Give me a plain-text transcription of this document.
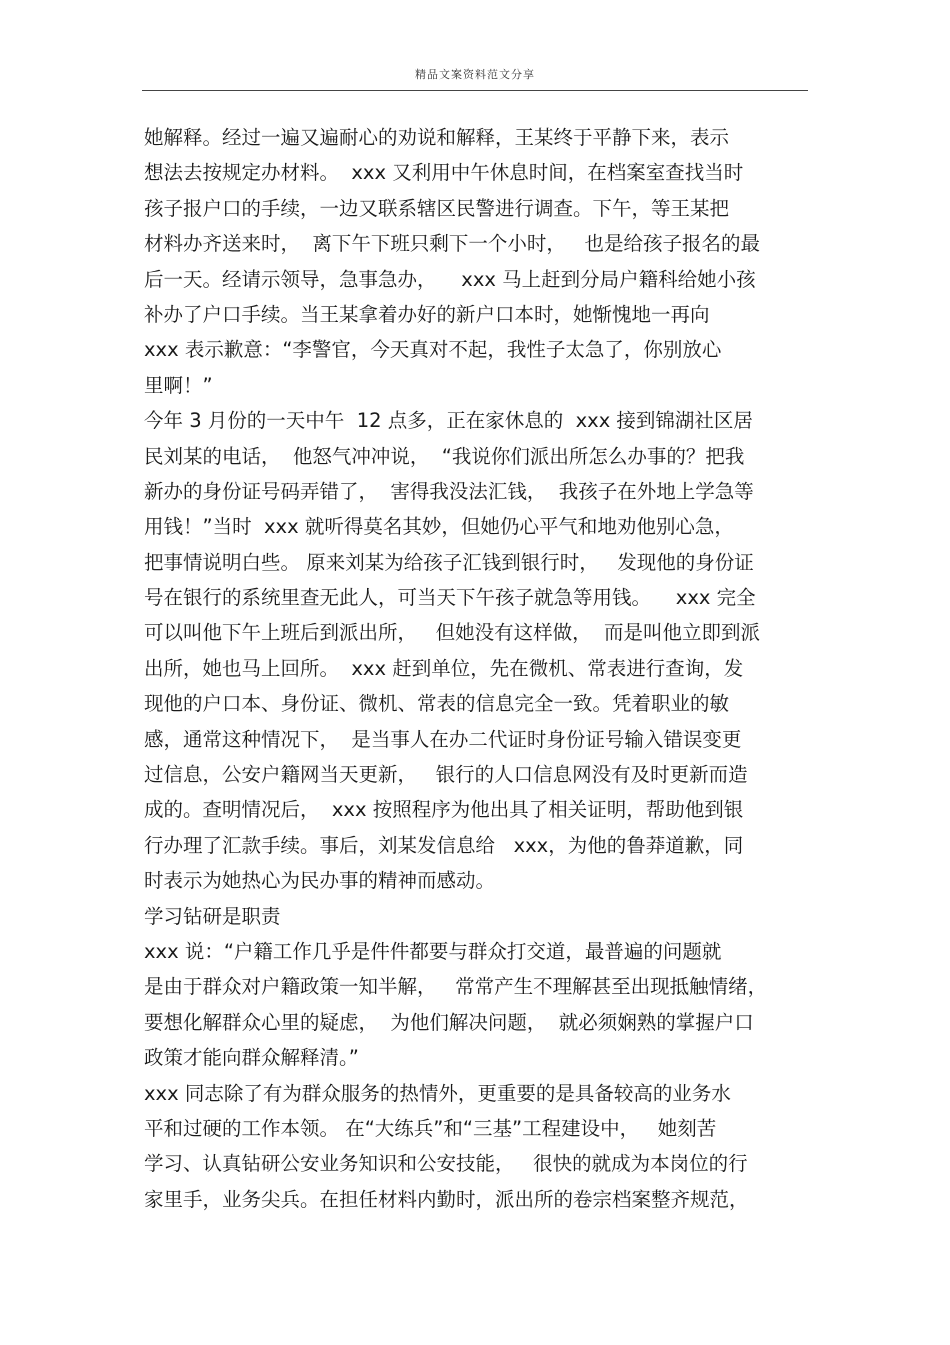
精品文案资料范文分享
她解释。经过一遍又遍耐心的劝说和解释，王某终于平静下来，表示
想法去按规定办材料。  xxx 又利用中午休息时间，在档案室查找当时
孩子报户口的手续，一边又联系辖区民警进行调查。下午，等王某把
材料办齐送来时，  离下午下班只剩下一个小时，   也是给孩子报名的最
后一天。经请示领导，急事急办，    xxx 马上赶到分局户籍科给她小孩
补办了户口手续。当王某拿着办好的新户口本时，她惭愧地一再向
xxx 表示歉意：“李警官，今天真对不起，我性子太急了，你别放心
里啊！”
今年 3 月份的一天中午  12 点多，正在家休息的  xxx 接到锦湖社区居
民刘某的电话，  他怒气冲冲说，  “我说你们派出所怎么办事的？把我
新办的身份证号码弄错了，  害得我没法汇钱，  我孩子在外地上学急等
用钱！”当时  xxx 就听得莫名其妙，但她仍心平气和地劝他别心急，
把事情说明白些。 原来刘某为给孩子汇钱到银行时，   发现他的身份证
号在银行的系统里查无此人，可当天下午孩子就急等用钱。    xxx 完全
可以叫他下午上班后到派出所，   但她没有这样做，  而是叫他立即到派
出所，她也马上回所。  xxx 赶到单位，先在微机、常表进行查询，发
现他的户口本、身份证、微机、常表的信息完全一致。凭着职业的敏
感，通常这种情况下，  是当事人在办二代证时身份证号输入错误变更
过信息，公安户籍网当天更新，   银行的人口信息网没有及时更新而造
成的。查明情况后，  xxx 按照程序为他出具了相关证明，帮助他到银
行办理了汇款手续。事后，刘某发信息给   xxx，为他的鲁莽道歉，同
时表示为她热心为民办事的精神而感动。
学习钻研是职责
xxx 说：“户籍工作几乎是件件都要与群众打交道，最普遍的问题就
是由于群众对户籍政策一知半解，   常常产生不理解甚至出现抵触情绪，
要想化解群众心里的疑虑，  为他们解决问题，  就必须娴熟的掌握户口
政策才能向群众解释清。”
xxx 同志除了有为群众服务的热情外，更重要的是具备较高的业务水
平和过硬的工作本领。 在“大练兵”和“三基”工程建设中，   她刻苦
学习、认真钻研公安业务知识和公安技能，   很快的就成为本岗位的行
家里手，业务尖兵。在担任材料内勤时，派出所的卷宗档案整齐规范，
